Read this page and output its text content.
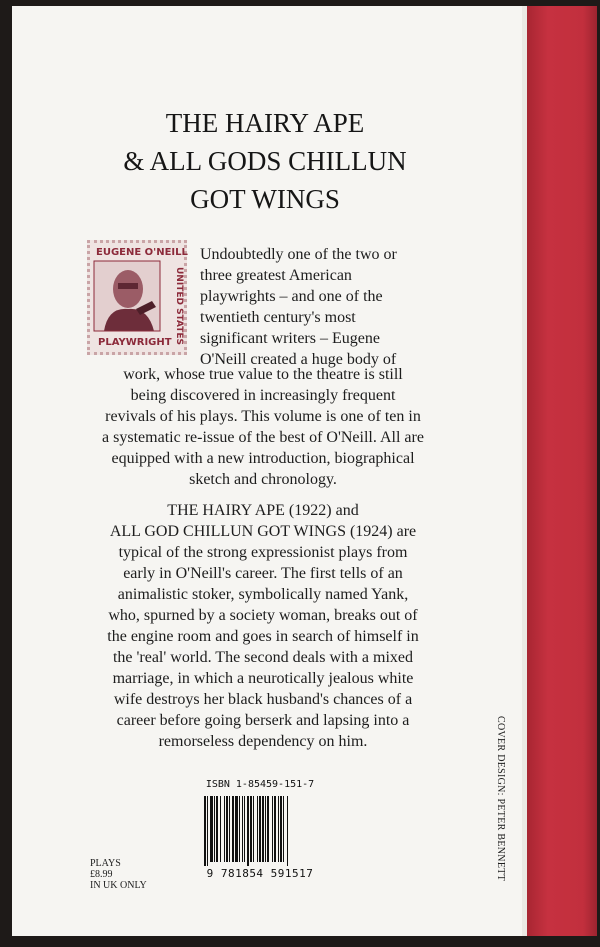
THE HAIRY APE
& ALL GODS CHILLUN
GOT WINGS
EUGENE O'NEILL
UNITED STATES
PLAYWRIGHT
Undoubtedly one of the two or
three greatest American
playwrights – and one of the
twentieth century's most
significant writers – Eugene
O'Neill created a huge body of
work, whose true value to the theatre is still
being discovered in increasingly frequent
revivals of his plays. This volume is one of ten in
a systematic re-issue of the best of O'Neill. All are
equipped with a new introduction, biographical
sketch and chronology.
THE HAIRY APE (1922) and
ALL GOD CHILLUN GOT WINGS (1924) are
typical of the strong expressionist plays from
early in O'Neill's career. The first tells of an
animalistic stoker, symbolically named Yank,
who, spurned by a society woman, breaks out of
the engine room and goes in search of himself in
the 'real' world. The second deals with a mixed
marriage, in which a neurotically jealous white
wife destroys her black husband's chances of a
career before going berserk and lapsing into a
remorseless dependency on him.
ISBN 1-85459-151-7
9 781854 591517
PLAYS
£8.99
IN UK ONLY
COVER DESIGN: PETER BENNETT
